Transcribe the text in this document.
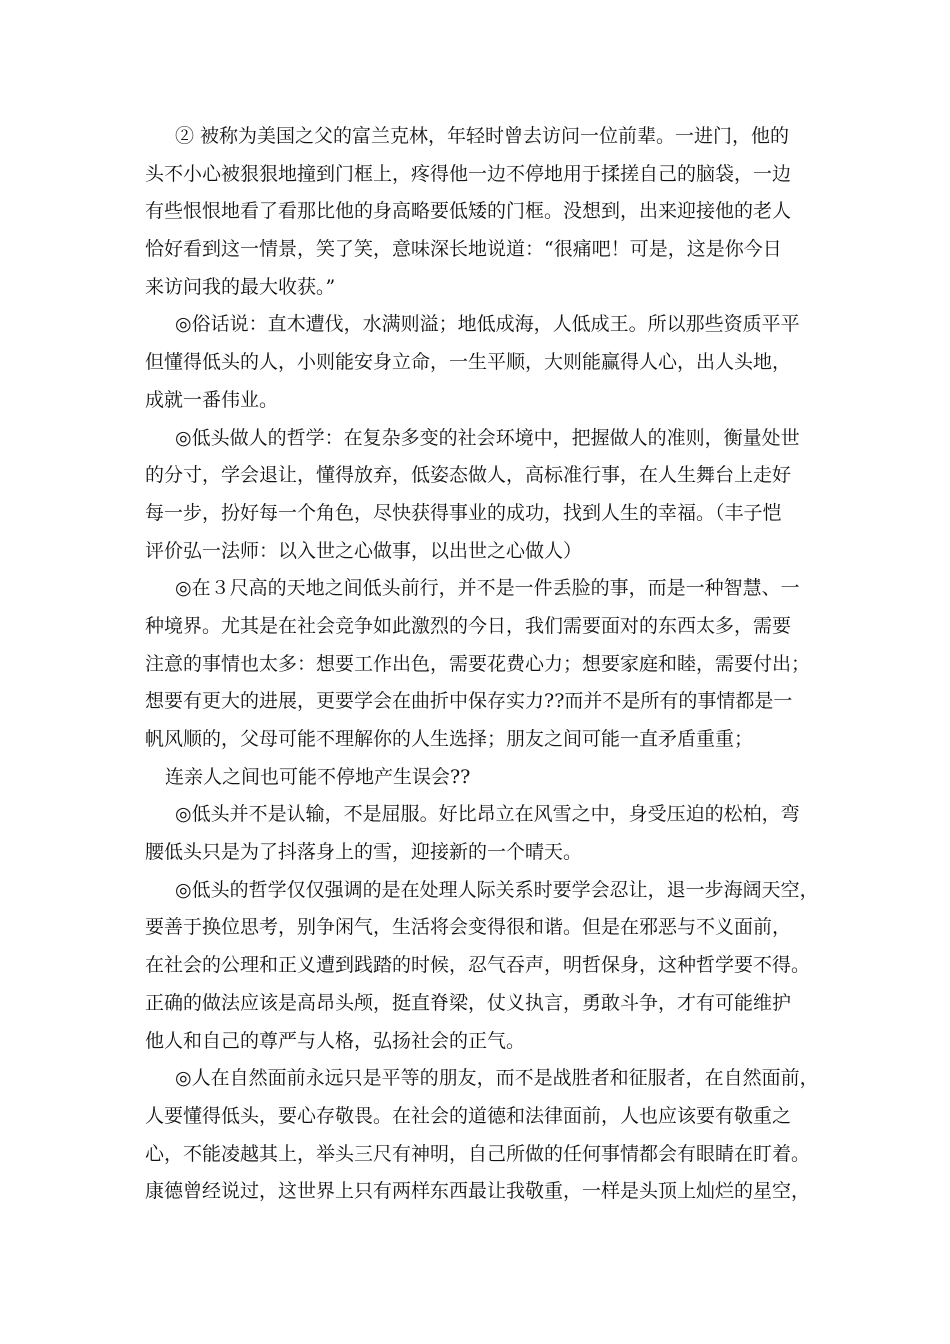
② 被称为美国之父的富兰克林，年轻时曾去访问一位前辈。一进门，他的
头不小心被狠狠地撞到门框上，疼得他一边不停地用于揉搓自己的脑袋，一边
有些恨恨地看了看那比他的身高略要低矮的门框。没想到，出来迎接他的老人
恰好看到这一情景，笑了笑，意味深长地说道：“很痛吧！可是，这是你今日
来访问我的最大收获。”
◎俗话说：直木遭伐，水满则溢；地低成海，人低成王。所以那些资质平平
但懂得低头的人，小则能安身立命，一生平顺，大则能赢得人心，出人头地，
成就一番伟业。
◎低头做人的哲学：在复杂多变的社会环境中，把握做人的准则，衡量处世
的分寸，学会退让，懂得放弃，低姿态做人，高标准行事，在人生舞台上走好
每一步，扮好每一个角色，尽快获得事业的成功，找到人生的幸福。（丰子恺
评价弘一法师：以入世之心做事，以出世之心做人）
◎在３尺高的天地之间低头前行，并不是一件丢脸的事，而是一种智慧、一
种境界。尤其是在社会竞争如此激烈的今日，我们需要面对的东西太多，需要
注意的事情也太多：想要工作出色，需要花费心力；想要家庭和睦，需要付出；
想要有更大的进展，更要学会在曲折中保存实力??而并不是所有的事情都是一
帆风顺的，父母可能不理解你的人生选择；朋友之间可能一直矛盾重重；
连亲人之间也可能不停地产生误会??
◎低头并不是认输，不是屈服。好比昂立在风雪之中，身受压迫的松柏，弯
腰低头只是为了抖落身上的雪，迎接新的一个晴天。
◎低头的哲学仅仅强调的是在处理人际关系时要学会忍让，退一步海阔天空，
要善于换位思考，别争闲气，生活将会变得很和谐。但是在邪恶与不义面前，
在社会的公理和正义遭到践踏的时候，忍气吞声，明哲保身，这种哲学要不得。
正确的做法应该是高昂头颅，挺直脊梁，仗义执言，勇敢斗争，才有可能维护
他人和自己的尊严与人格，弘扬社会的正气。
◎人在自然面前永远只是平等的朋友，而不是战胜者和征服者，在自然面前，
人要懂得低头，要心存敬畏。在社会的道德和法律面前，人也应该要有敬重之
心，不能凌越其上，举头三尺有神明，自己所做的任何事情都会有眼睛在盯着。
康德曾经说过，这世界上只有两样东西最让我敬重，一样是头顶上灿烂的星空，
